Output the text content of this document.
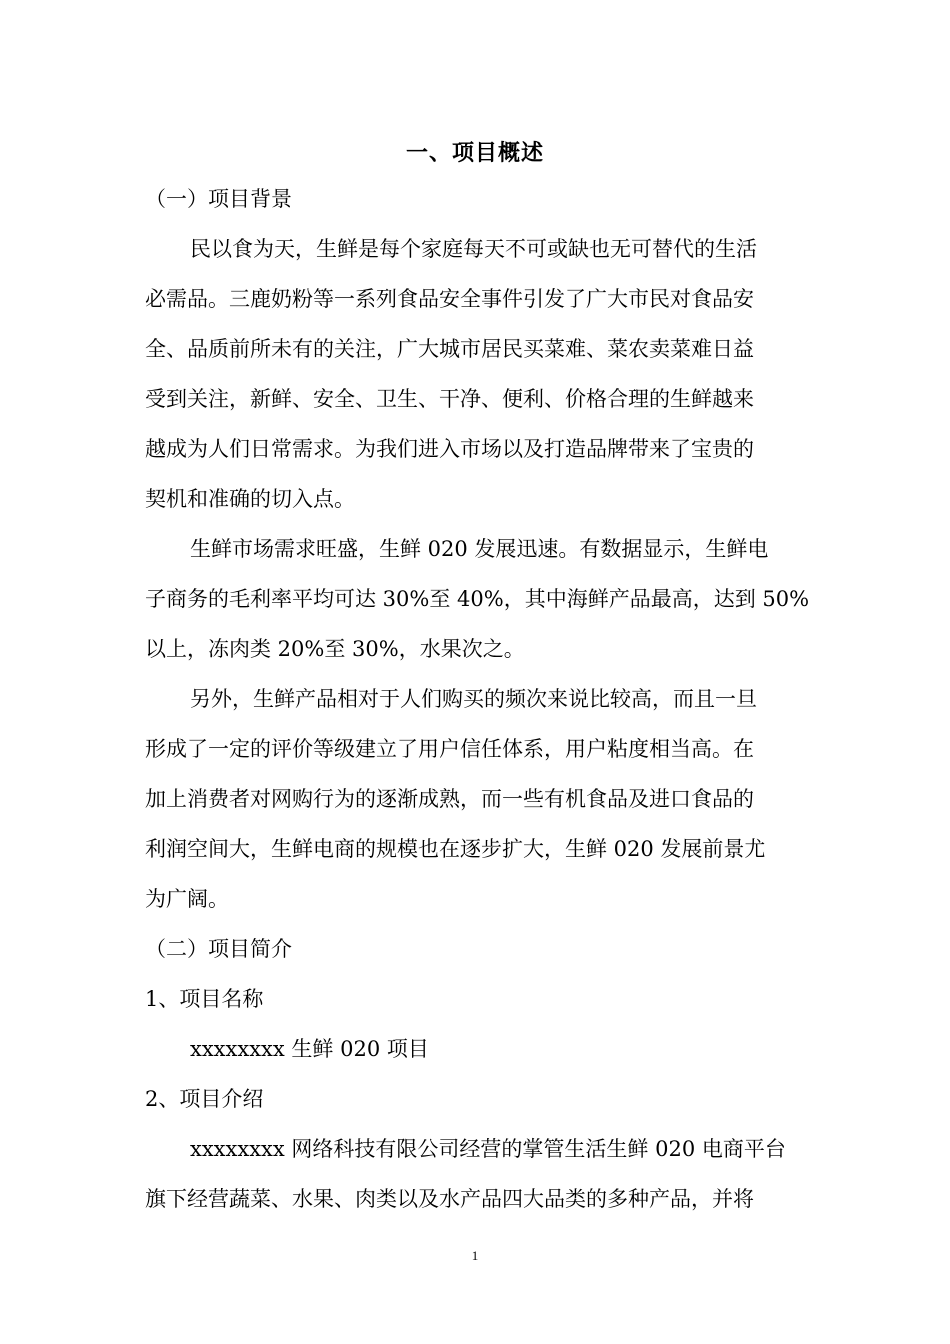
一、项目概述
（一）项目背景
民以食为天，生鲜是每个家庭每天不可或缺也无可替代的生活
必需品。三鹿奶粉等一系列食品安全事件引发了广大市民对食品安
全、品质前所未有的关注，广大城市居民买菜难、菜农卖菜难日益
受到关注，新鲜、安全、卫生、干净、便利、价格合理的生鲜越来
越成为人们日常需求。为我们进入市场以及打造品牌带来了宝贵的
契机和准确的切入点。
生鲜市场需求旺盛，生鲜 020 发展迅速。有数据显示，生鲜电
子商务的毛利率平均可达 30%至 40%，其中海鲜产品最高，达到 50%
以上，冻肉类 20%至 30%，水果次之。
另外，生鲜产品相对于人们购买的频次来说比较高，而且一旦
形成了一定的评价等级建立了用户信任体系，用户粘度相当高。在
加上消费者对网购行为的逐渐成熟，而一些有机食品及进口食品的
利润空间大，生鲜电商的规模也在逐步扩大，生鲜 020 发展前景尤
为广阔。
（二）项目简介
1、项目名称
xxxxxxxx 生鲜 020 项目
2、项目介绍
xxxxxxxx 网络科技有限公司经营的掌管生活生鲜 020 电商平台
旗下经营蔬菜、水果、肉类以及水产品四大品类的多种产品，并将
1
